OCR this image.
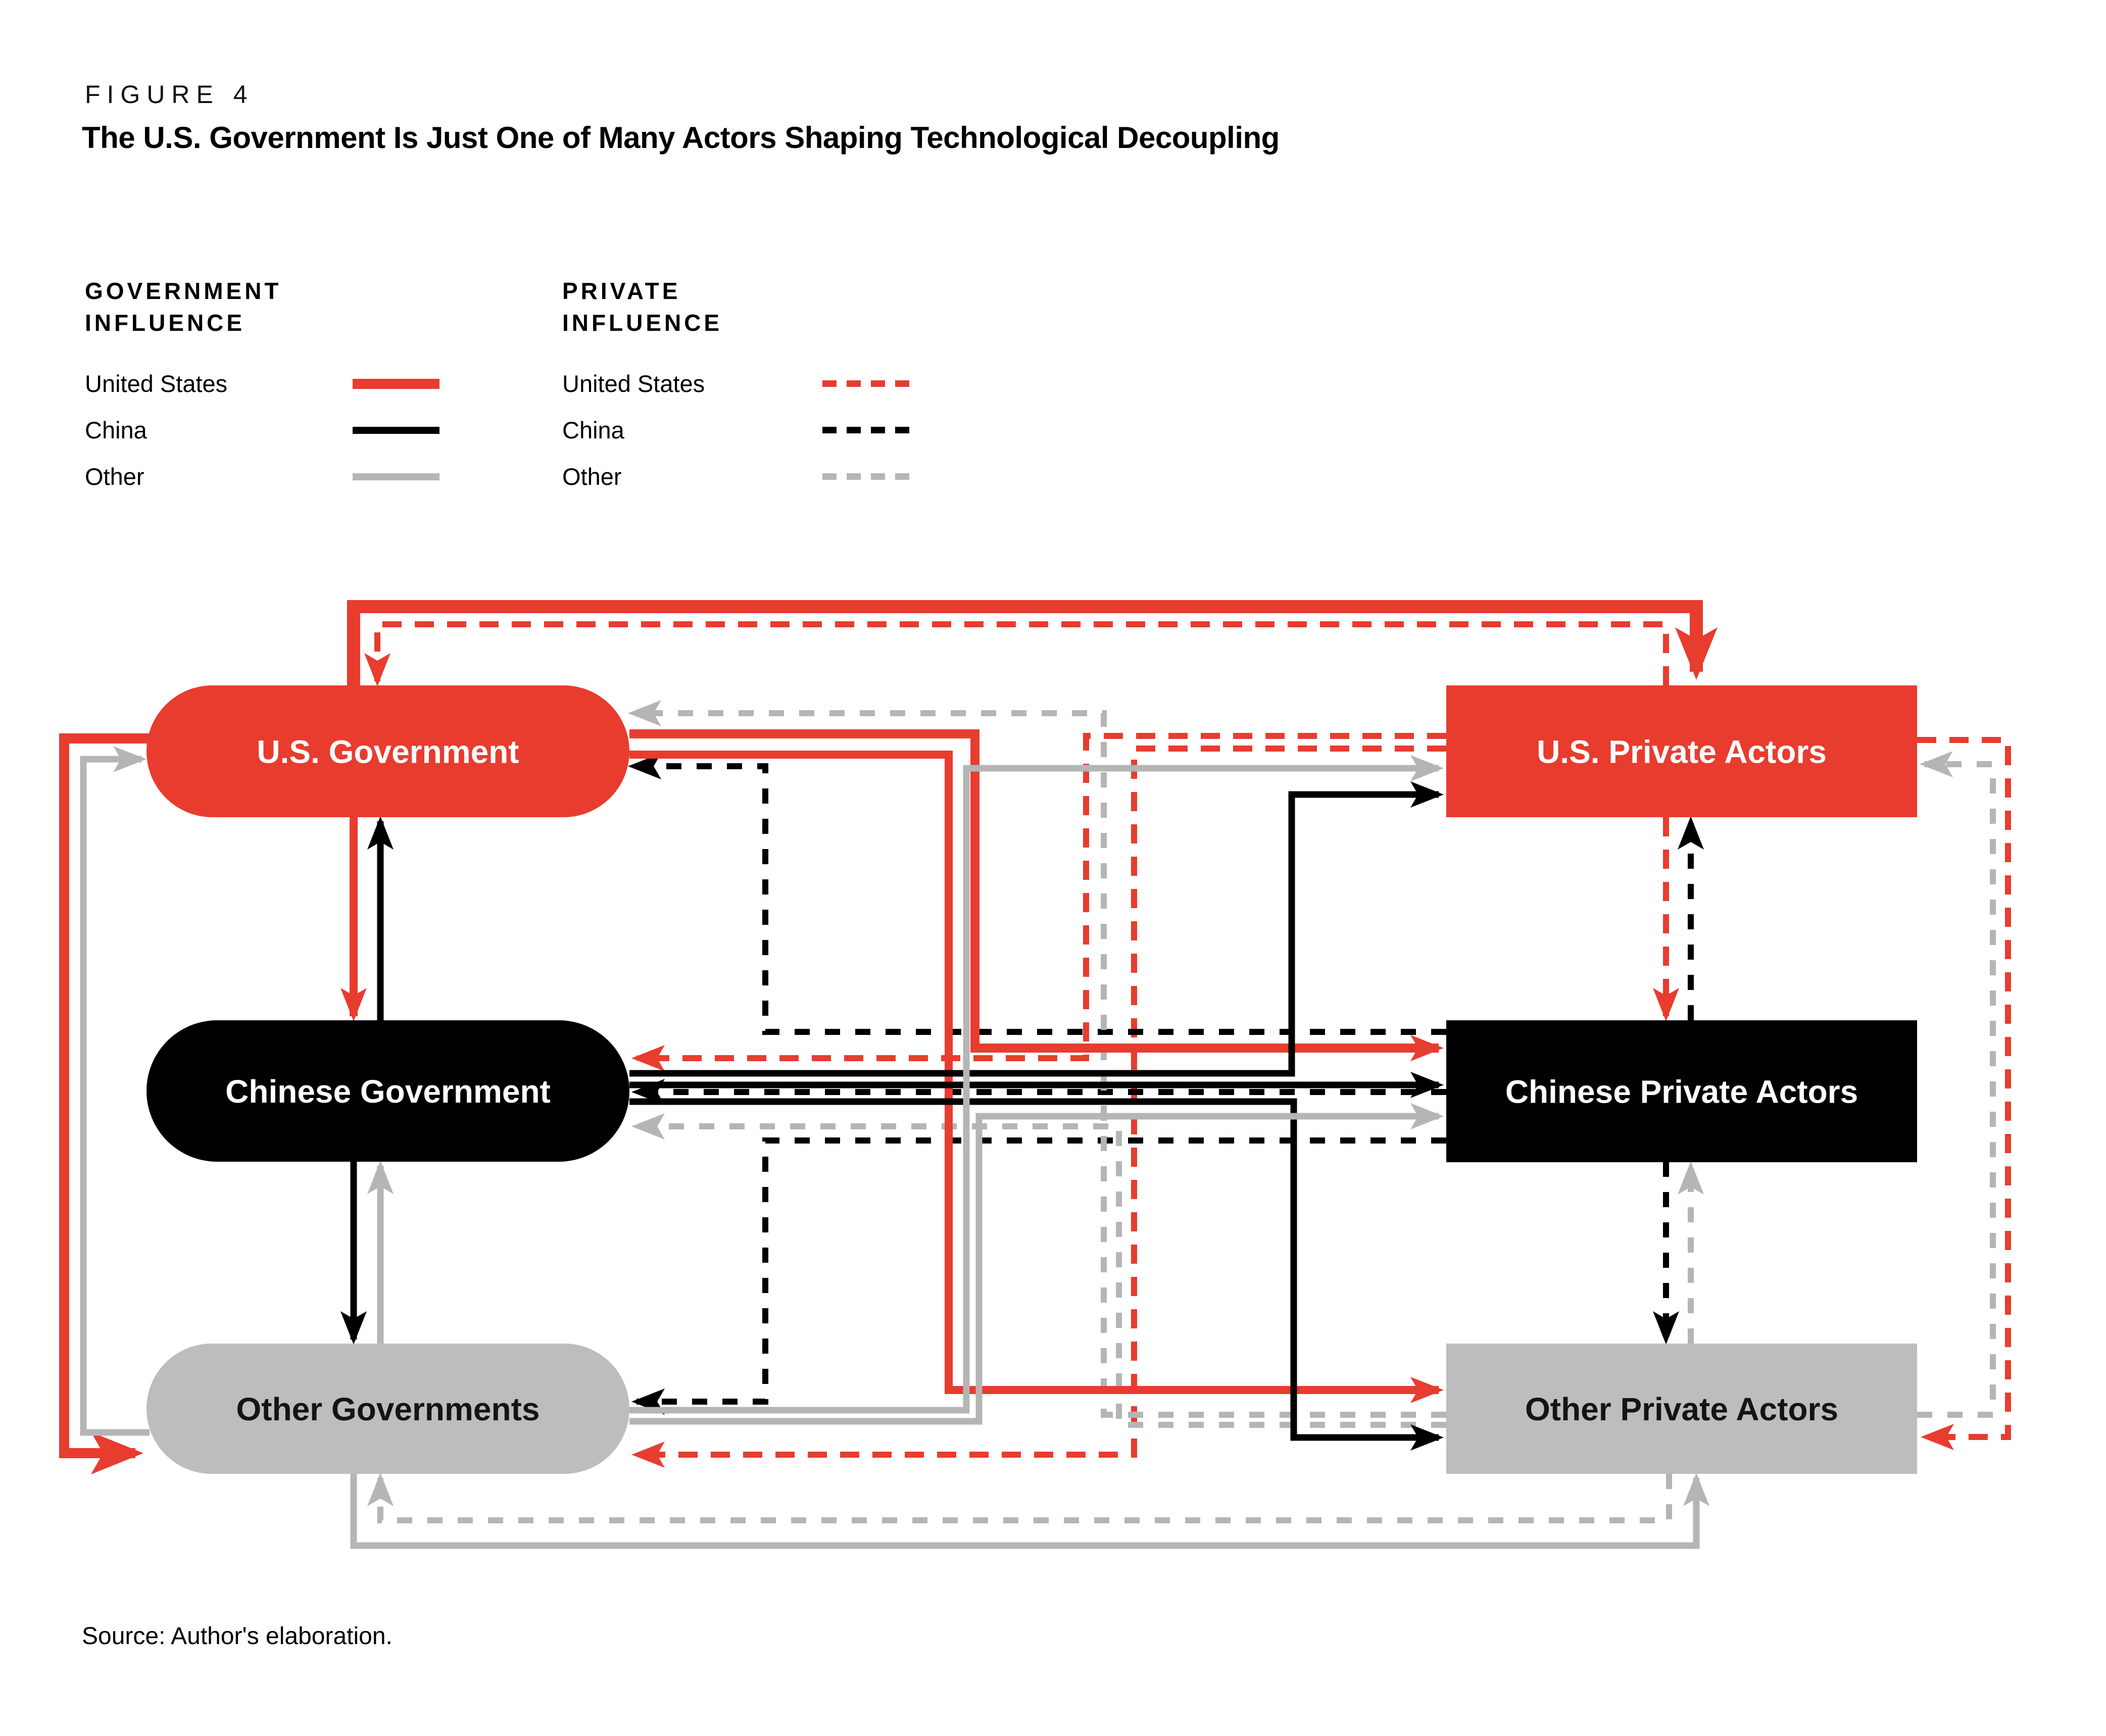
U.S. Government
Chinese Government
Other Governments
U.S. Private Actors
Chinese Private Actors
Other Private Actors
FIGURE 4
The U.S. Government Is Just One of Many Actors Shaping Technological Decoupling
GOVERNMENT INFLUENCE
United States
China
Other
PRIVATE INFLUENCE
United States
China
Other
Source: Author's elaboration.
